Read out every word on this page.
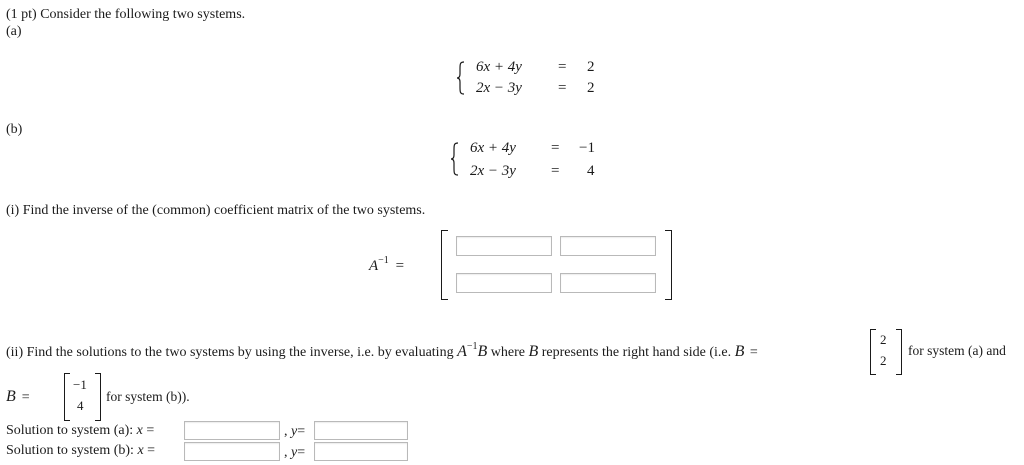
(1 pt) Consider the following two systems.
(a)
6x + 4y = 2
2x − 3y = 2
(b)
6x + 4y = −1
2x − 3y = 4
(i) Find the inverse of the (common) coefficient matrix of the two systems.
$A^{-1}$ =
(ii) Find the solutions to the two systems by using the inverse, i.e. by evaluating $A^{-1}B$ where B represents the right hand side (i.e. B =
2
2
for system (a) and
B =
−1
4
for system (b)).
Solution to system (a): x =	, y=
Solution to system (b): x =	, y=
